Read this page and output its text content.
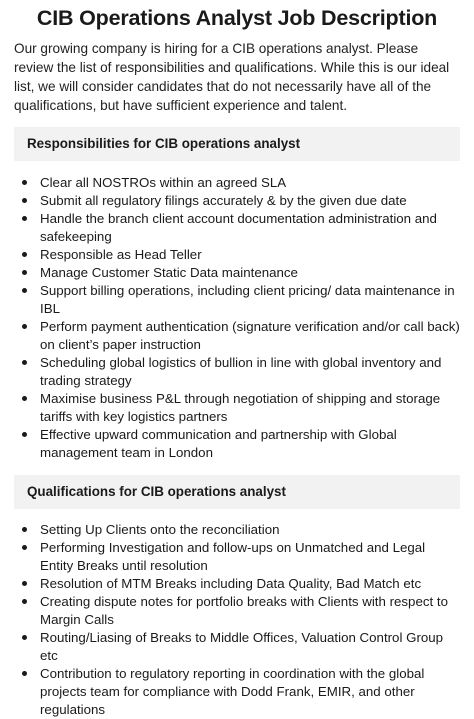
CIB Operations Analyst Job Description

Our growing company is hiring for a CIB operations analyst. Please review the list of responsibilities and qualifications. While this is our ideal list, we will consider candidates that do not necessarily have all of the qualifications, but have sufficient experience and talent.

Responsibilities for CIB operations analyst
Clear all NOSTROs within an agreed SLA
Submit all regulatory filings accurately & by the given due date
Handle the branch client account documentation administration and safekeeping
Responsible as Head Teller
Manage Customer Static Data maintenance
Support billing operations, including client pricing/ data maintenance in IBL
Perform payment authentication (signature verification and/or call back) on client’s paper instruction
Scheduling global logistics of bullion in line with global inventory and trading strategy
Maximise business P&L through negotiation of shipping and storage tariffs with key logistics partners
Effective upward communication and partnership with Global management team in London
Qualifications for CIB operations analyst
Setting Up Clients onto the reconciliation
Performing Investigation and follow-ups on Unmatched and Legal Entity Breaks until resolution
Resolution of MTM Breaks including Data Quality, Bad Match etc
Creating dispute notes for portfolio breaks with Clients with respect to Margin Calls
Routing/Liasing of Breaks to Middle Offices, Valuation Control Group etc
Contribution to regulatory reporting in coordination with the global projects team for compliance with Dodd Frank, EMIR, and other regulations
